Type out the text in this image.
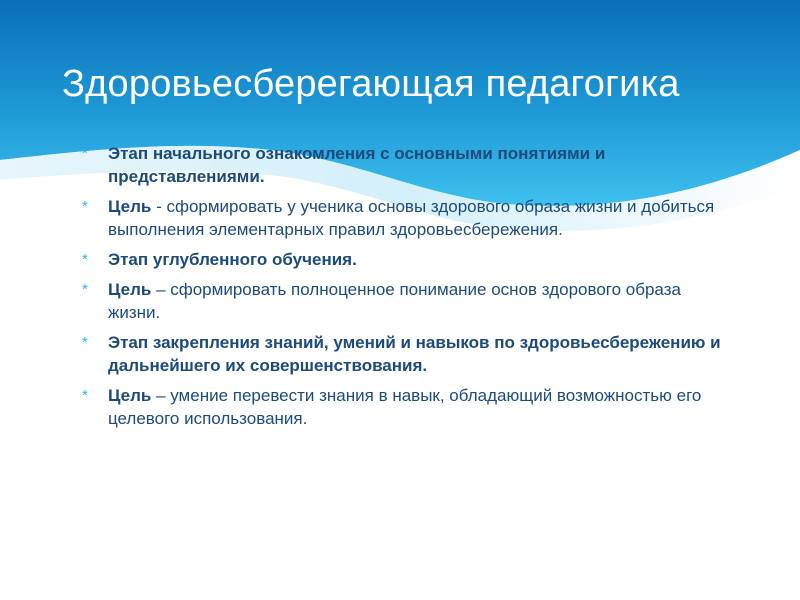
Здоровьесберегающая педагогика
* Этап начального ознакомления с основными понятиями и представлениями.
* Цель - сформировать у ученика основы здорового образа жизни и добиться выполнения элементарных правил здоровьесбережения.
* Этап углубленного обучения.
* Цель – сформировать полноценное понимание основ здорового образа жизни.
* Этап закрепления знаний, умений и навыков по здоровьесбережению и дальнейшего их совершенствования.
* Цель – умение перевести знания в навык, обладающий возможностью его целевого использования.
